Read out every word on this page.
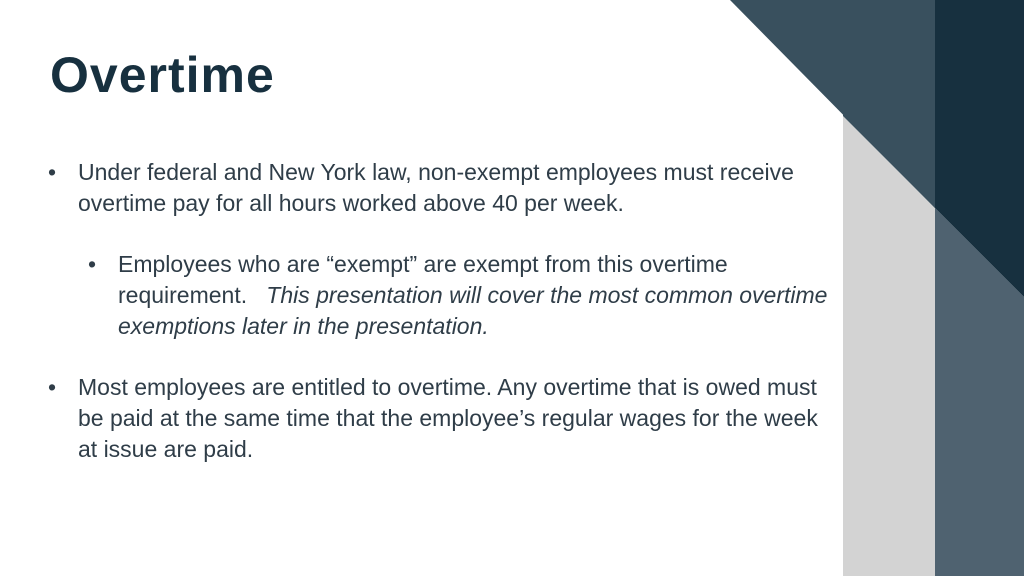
Overtime

• Under federal and New York law, non-exempt employees must receive overtime pay for all hours worked above 40 per week.

• Employees who are “exempt” are exempt from this overtime requirement. This presentation will cover the most common overtime exemptions later in the presentation.

• Most employees are entitled to overtime. Any overtime that is owed must be paid at the same time that the employee’s regular wages for the week at issue are paid.
